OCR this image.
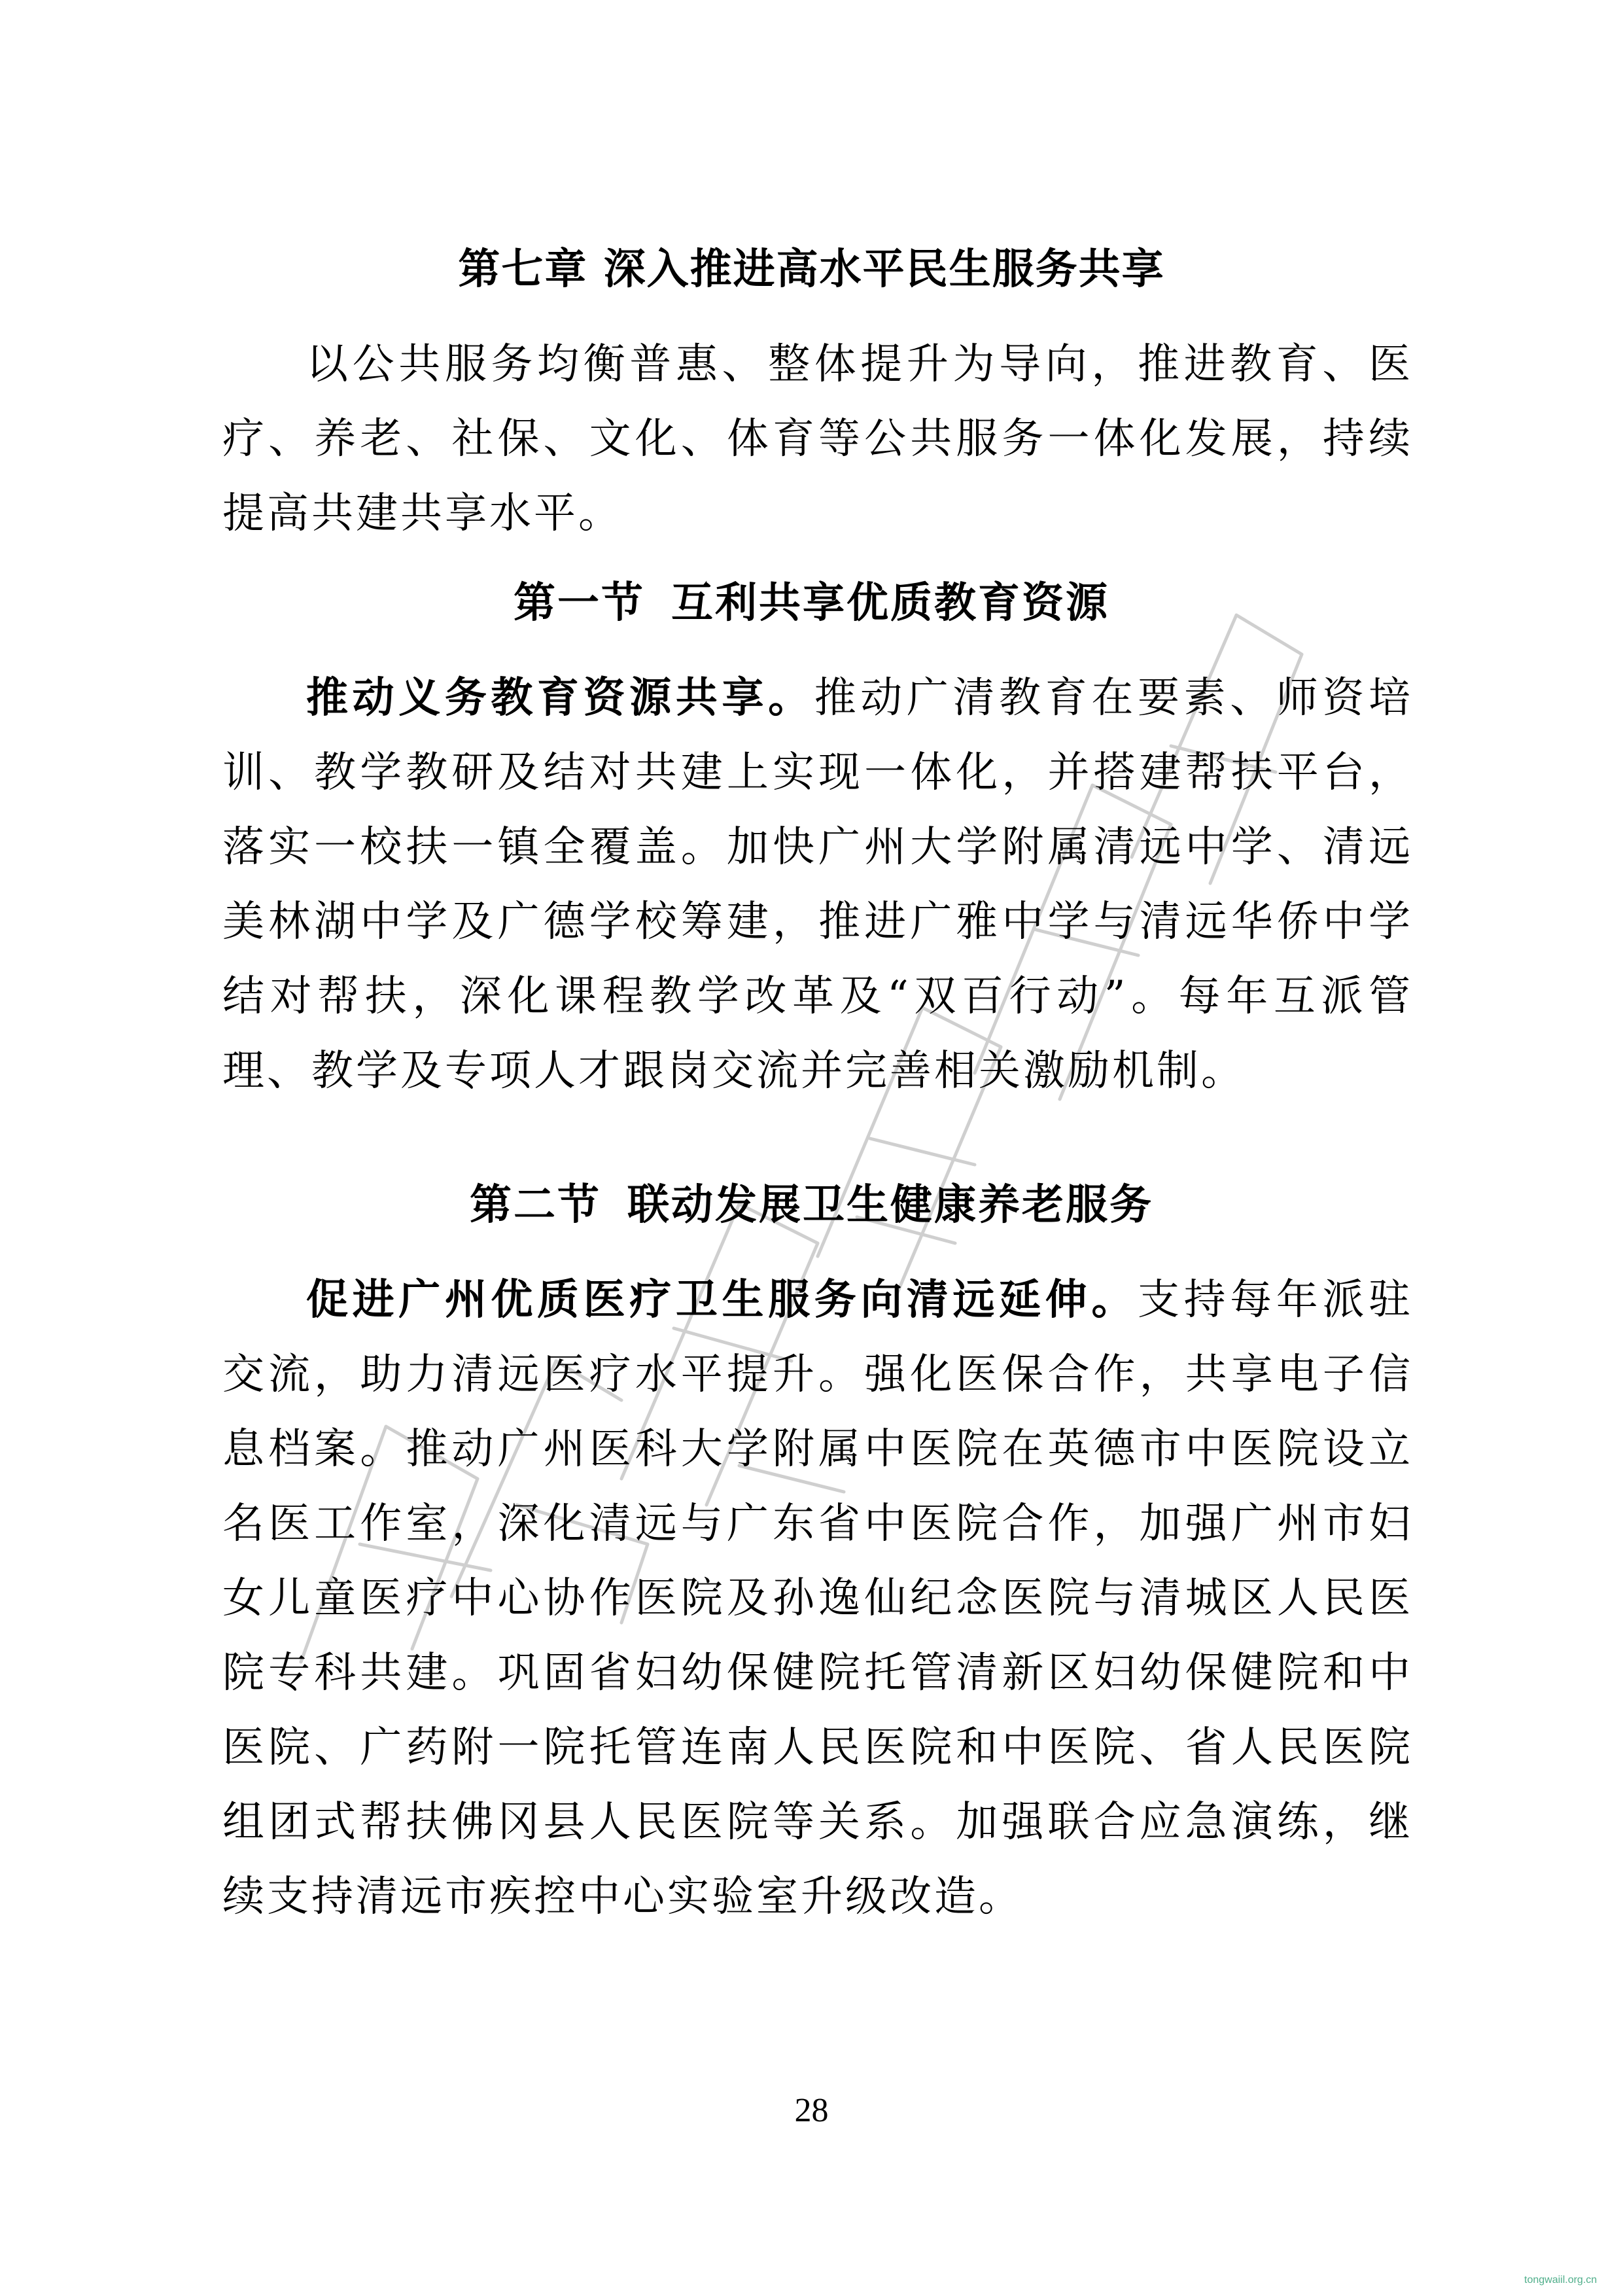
第七章 深入推进高水平民生服务共享

以公共服务均衡普惠、整体提升为导向，推进教育、医疗、养老、社保、文化、体育等公共服务一体化发展，持续提高共建共享水平。

第一节 互利共享优质教育资源

推动义务教育资源共享。推动广清教育在要素、师资培训、教学教研及结对共建上实现一体化，并搭建帮扶平台，落实一校扶一镇全覆盖。加快广州大学附属清远中学、清远美林湖中学及广德学校筹建，推进广雅中学与清远华侨中学结对帮扶，深化课程教学改革及“双百行动”。每年互派管理、教学及专项人才跟岗交流并完善相关激励机制。

第二节 联动发展卫生健康养老服务

促进广州优质医疗卫生服务向清远延伸。支持每年派驻交流，助力清远医疗水平提升。强化医保合作，共享电子信息档案。推动广州医科大学附属中医院在英德市中医院设立名医工作室，深化清远与广东省中医院合作，加强广州市妇女儿童医疗中心协作医院及孙逸仙纪念医院与清城区人民医院专科共建。巩固省妇幼保健院托管清新区妇幼保健院和中医院、广药附一院托管连南人民医院和中医院、省人民医院组团式帮扶佛冈县人民医院等关系。加强联合应急演练，继续支持清远市疾控中心实验室升级改造。

28

tongwaiil.org.cn
